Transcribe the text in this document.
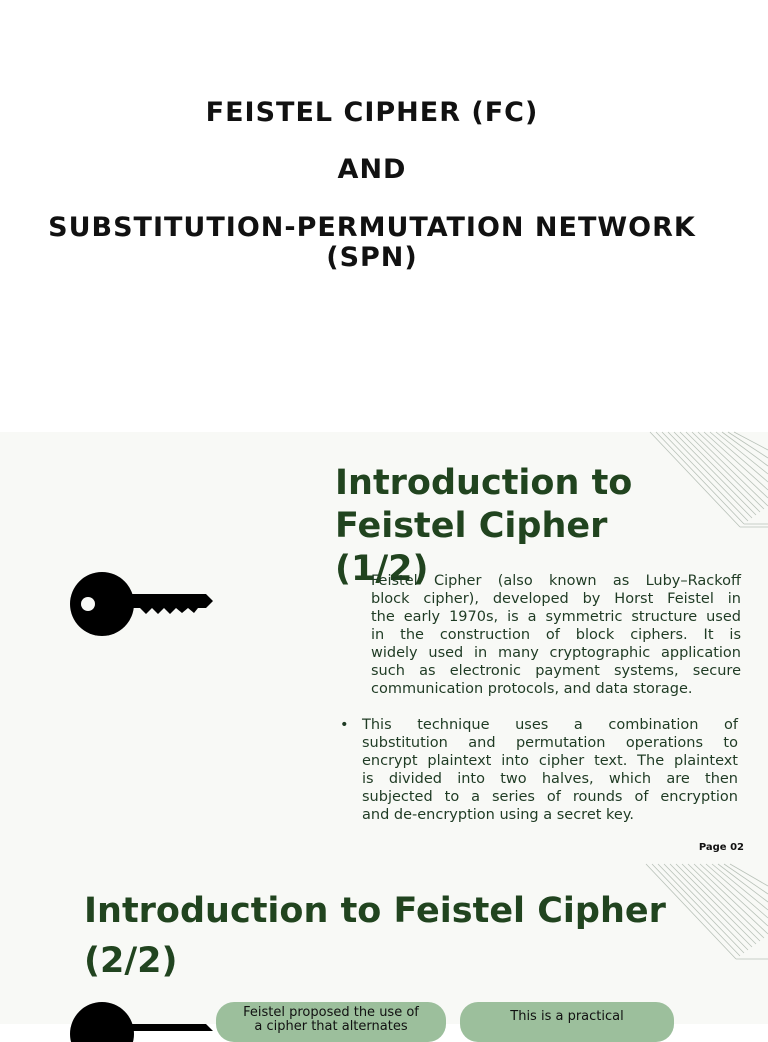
FEISTEL CIPHER (FC)
AND
SUBSTITUTION-PERMUTATION NETWORK
(SPN)
Introduction to
Feistel Cipher
(1/2)
Feistel Cipher (also known as Luby–Rackoff
block cipher), developed by Horst Feistel in
the early 1970s, is a symmetric structure used
in the construction of block ciphers. It is
widely used in many cryptographic application
such as electronic payment systems, secure
communication protocols, and data storage.
• This technique uses a combination of
substitution and permutation operations to
encrypt plaintext into cipher text. The plaintext
is divided into two halves, which are then
subjected to a series of rounds of encryption
and de-encryption using a secret key.
Page 02
Introduction to Feistel Cipher
(2/2)
Feistel proposed the use of
a cipher that alternates
This is a practical
